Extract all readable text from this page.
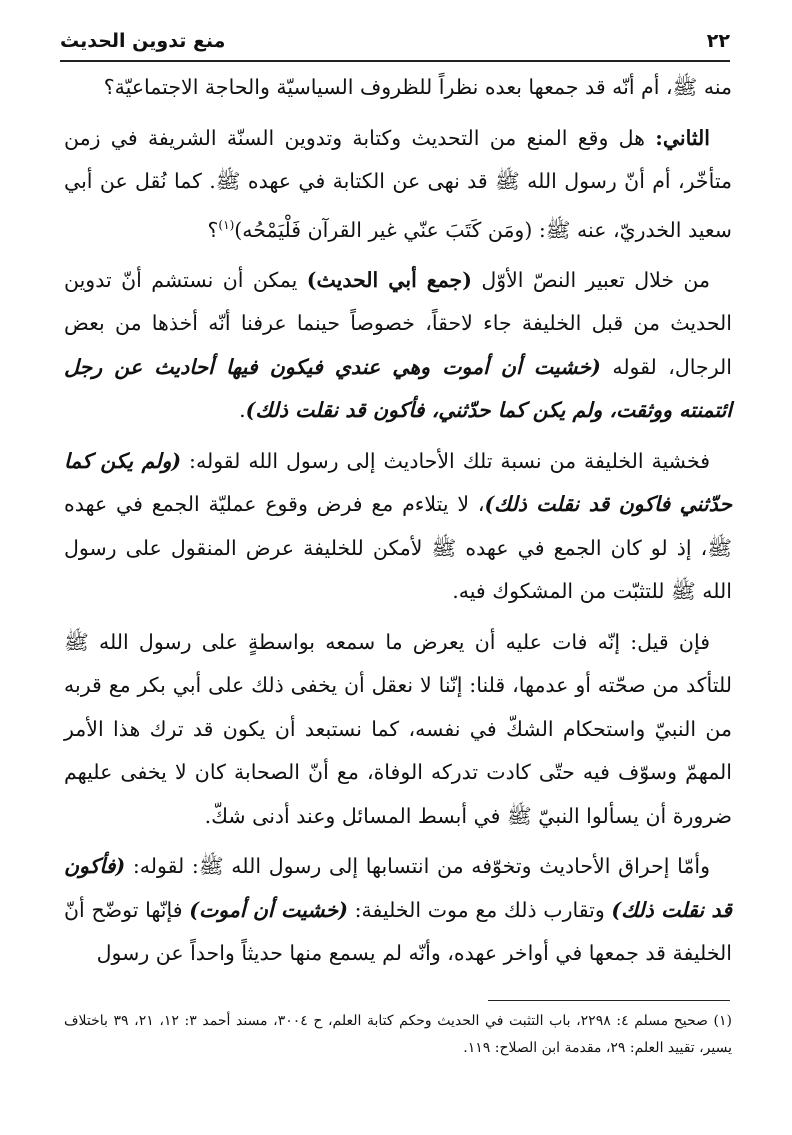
٢٢
منع تدوين الحديث

منه ﷺ، أم أنّه قد جمعها بعده نظراً للظروف السياسيّة والحاجة الاجتماعيّة؟

الثاني: هل وقع المنع من التحديث وكتابة وتدوين السنّة الشريفة في زمن متأخّر، أم أنّ رسول الله ﷺ قد نهى عن الكتابة في عهده ﷺ. كما نُقل عن أبي سعيد الخدريّ، عنه ﷺ: (ومَن كَتَبَ عنّي غير القرآن فَلْيَمْحُه)$^{(١)}$؟

من خلال تعبير النصّ الأوّل (جمع أبي الحديث) يمكن أن نستشم أنّ تدوين الحديث من قبل الخليفة جاء لاحقاً، خصوصاً حينما عرفنا أنّه أخذها من بعض الرجال، لقوله (خشيت أن أموت وهي عندي فيكون فيها أحاديث عن رجل ائتمنته ووثقت، ولم يكن كما حدّثني، فأكون قد نقلت ذلك).

فخشية الخليفة من نسبة تلك الأحاديث إلى رسول الله لقوله: (ولم يكن كما حدّثني فاكون قد نقلت ذلك)، لا يتلاءم مع فرض وقوع عمليّة الجمع في عهده ﷺ، إذ لو كان الجمع في عهده ﷺ لأمكن للخليفة عرض المنقول على رسول الله ﷺ للتثبّت من المشكوك فيه.

فإن قيل: إنّه فات عليه أن يعرض ما سمعه بواسطةٍ على رسول الله ﷺ للتأكد من صحّته أو عدمها، قلنا: إنّنا لا نعقل أن يخفى ذلك على أبي بكر مع قربه من النبيّ واستحكام الشكّ في نفسه، كما نستبعد أن يكون قد ترك هذا الأمر المهمّ وسوّف فيه حتّى كادت تدركه الوفاة، مع أنّ الصحابة كان لا يخفى عليهم ضرورة أن يسألوا النبيّ ﷺ في أبسط المسائل وعند أدنى شكّ.

وأمّا إحراق الأحاديث وتخوّفه من انتسابها إلى رسول الله ﷺ: لقوله: (فأكون قد نقلت ذلك) وتقارب ذلك مع موت الخليفة: (خشيت أن أموت) فإنّها توضّح أنّ الخليفة قد جمعها في أواخر عهده، وأنّه لم يسمع منها حديثاً واحداً عن رسول

(١) صحيح مسلم ٤: ٢٢٩٨، باب التثبت في الحديث وحكم كتابة العلم، ح ٣٠٠٤، مسند أحمد ٣: ١٢، ٢١، ٣٩ باختلاف يسير، تقييد العلم: ٢٩، مقدمة ابن الصلاح: ١١٩.
